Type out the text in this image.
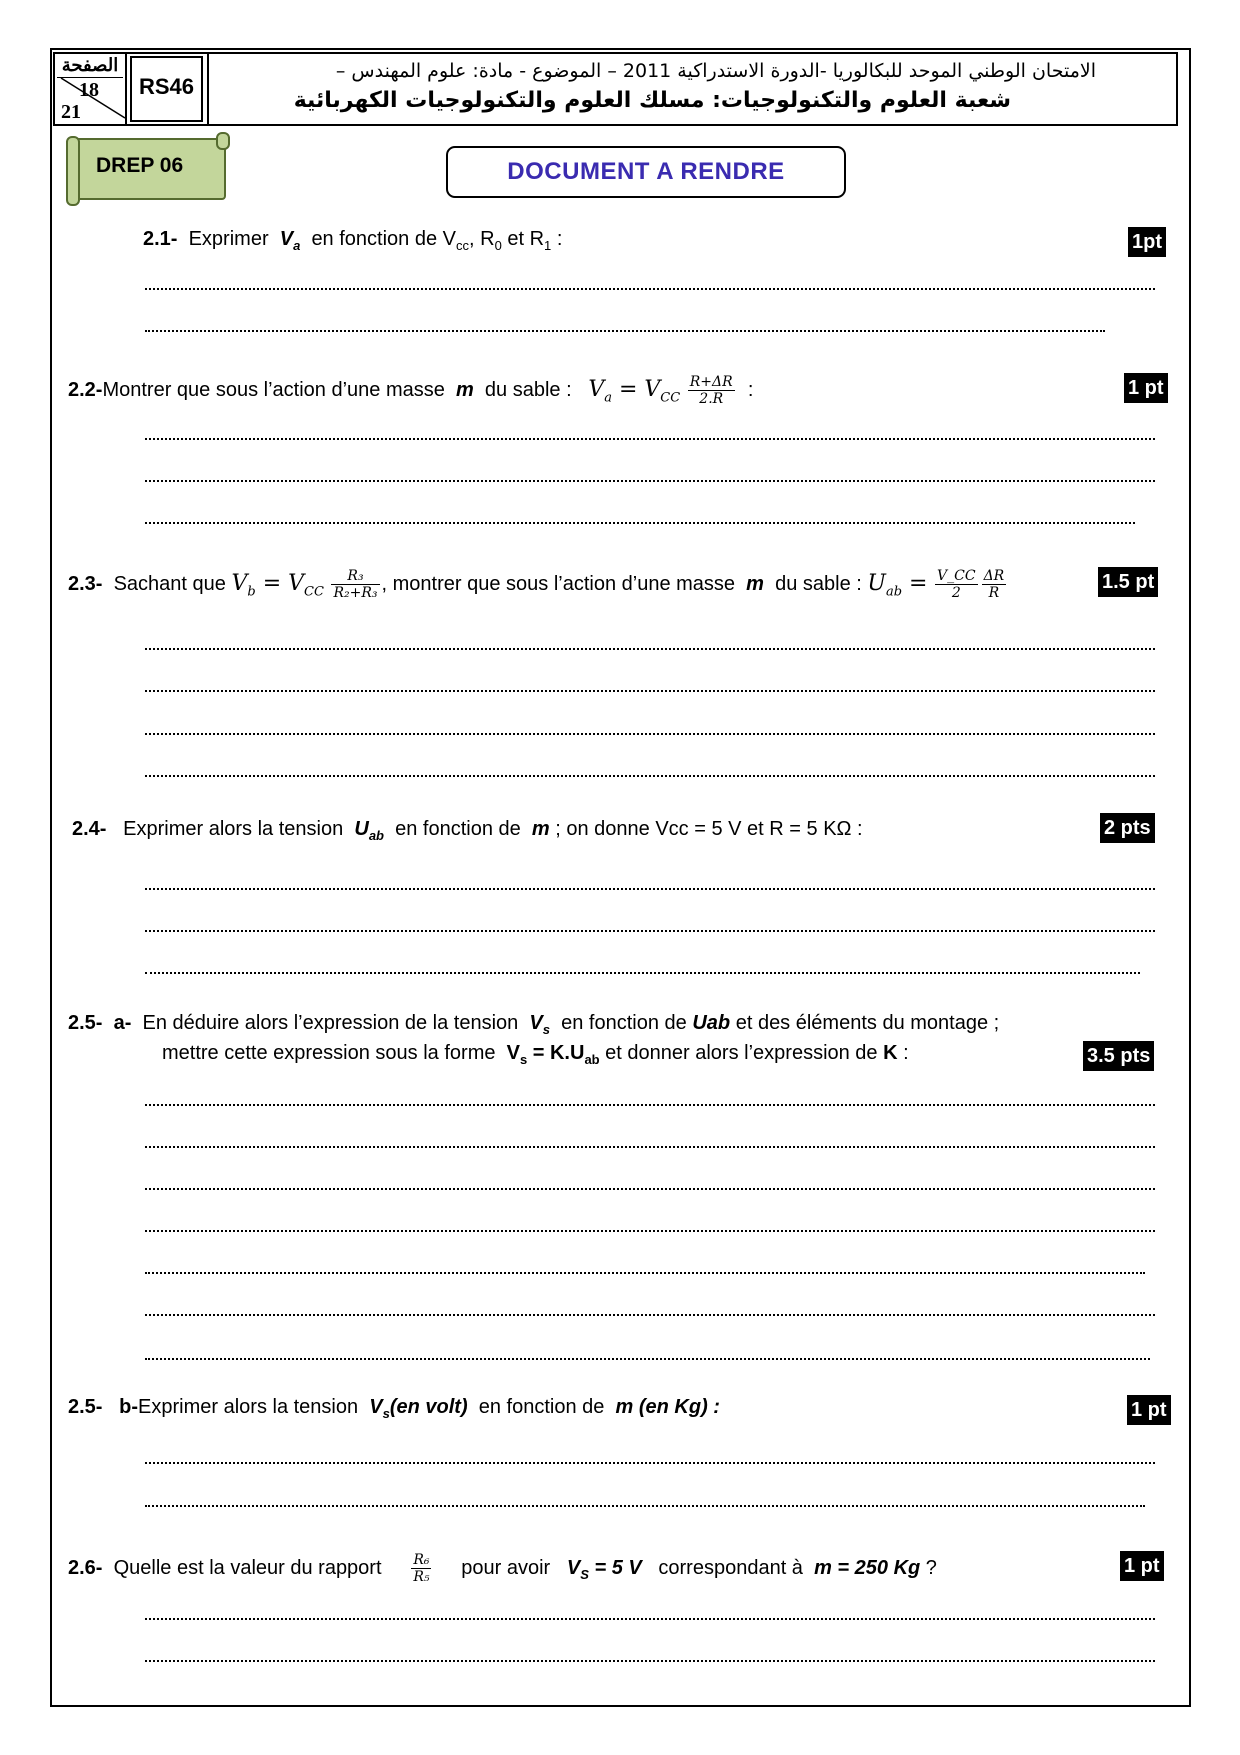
الصفحة
18
21
RS46
الامتحان الوطني الموحد للبكالوريا -الدورة الاستدراكية 2011 – الموضوع - مادة: علوم المهندس –
شعبة العلوم والتكنولوجيات: مسلك العلوم والتكنولوجيات الكهربائية
DREP 06	DOCUMENT A RENDRE
2.1- Exprimer $V_a$ en fonction de $V_{cc}$, $R_0$ et $R_1$ :	1pt
2.2-Montrer que sous l’action d’une masse m du sable : $V_a = V_{CC} \frac{R+\Delta R}{2.R}$ :	1 pt
2.3- Sachant que $V_b = V_{CC} \frac{\text{R₃}}{\text{R₂+R₃}}$ , montrer que sous l’action d’une masse m du sable : $U_{ab} = \frac{V\_CC}{2} \frac{\Delta R}{R}$	1.5 pt
2.4- Exprimer alors la tension $U_{ab}$ en fonction de m ; on donne Vcc = 5 V et R = 5 KΩ :	2 pts
2.5- a- En déduire alors l’expression de la tension $V_s$ en fonction de Uab et des éléments du montage ;
mettre cette expression sous la forme $V_s = K.U_{ab}$ et donner alors l’expression de K :	3.5 pts
2.5- b-Exprimer alors la tension $V_s(en$ volt) en fonction de m (en Kg) :	1 pt
2.6- Quelle est la valeur du rapport $\frac{\text{R₆}}{\text{R₅}}$ pour avoir $V_S = 5$ V correspondant à m = 250 Kg ?	1 pt
